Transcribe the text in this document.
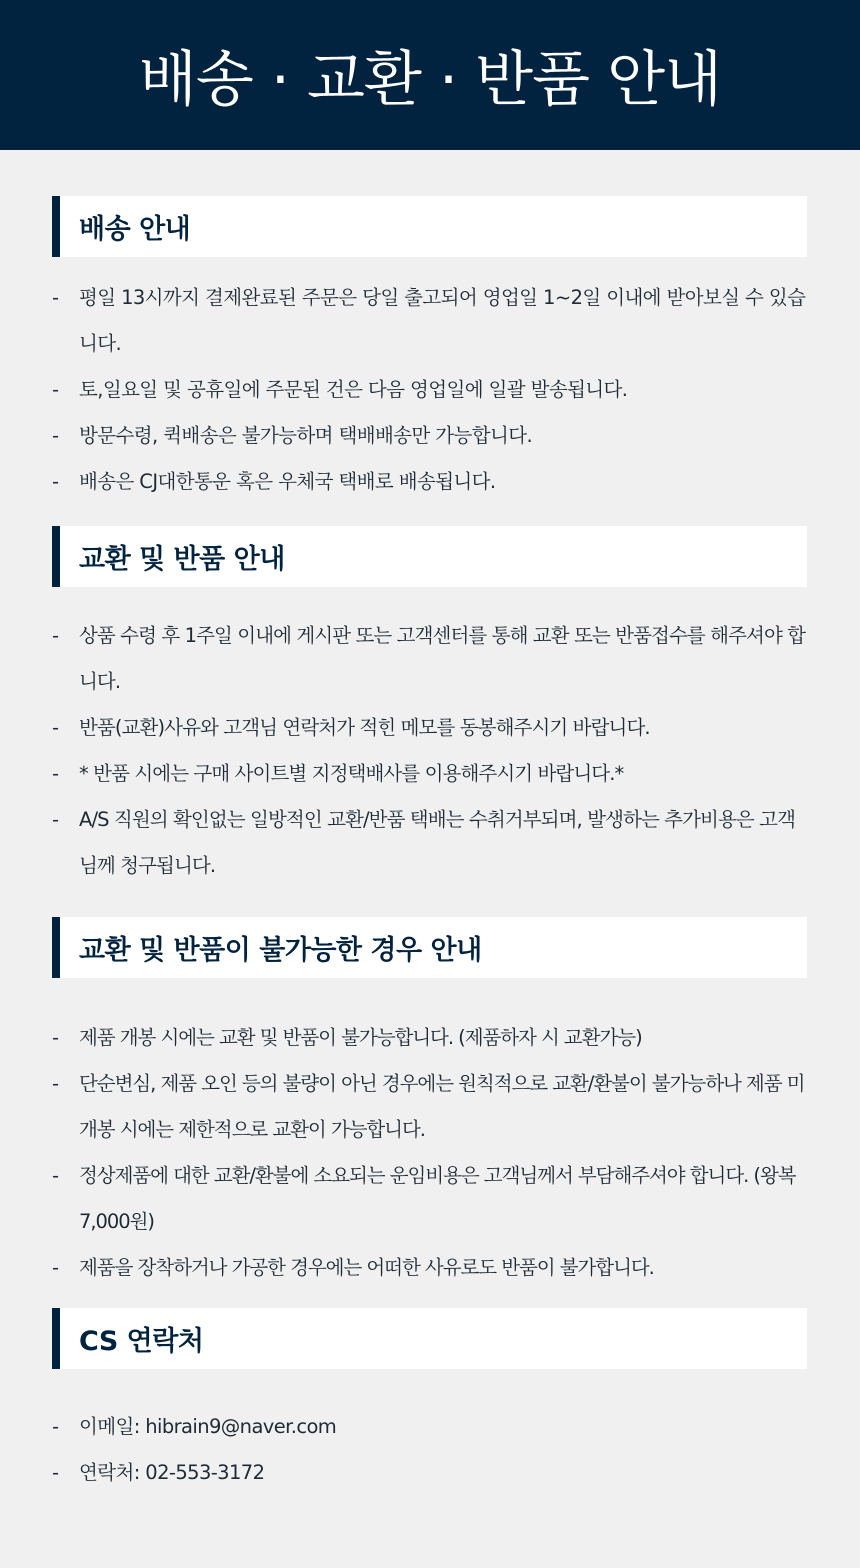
배송 · 교환 · 반품 안내
배송 안내
- 평일 13시까지 결제완료된 주문은 당일 출고되어 영업일 1~2일 이내에 받아보실 수 있습니다.
- 토,일요일 및 공휴일에 주문된 건은 다음 영업일에 일괄 발송됩니다.
- 방문수령, 퀵배송은 불가능하며 택배배송만 가능합니다.
- 배송은 CJ대한통운 혹은 우체국 택배로 배송됩니다.
교환 및 반품 안내
-	상품 수령 후 1주일 이내에 게시판 또는 고객센터를 통해 교환 또는 반품접수를 해주셔야 합니다.
-	반품(교환)사유와 고객님 연락처가 적힌 메모를 동봉해주시기 바랍니다.
-	* 반품 시에는 구매 사이트별 지정택배사를 이용해주시기 바랍니다.*
-	A/S 직원의 확인없는 일방적인 교환/반품 택배는 수취거부되며, 발생하는 추가비용은 고객님께 청구됩니다.
교환 및 반품이 불가능한 경우 안내
-	제품 개봉 시에는 교환 및 반품이 불가능합니다. (제품하자 시 교환가능)
-	단순변심, 제품 오인 등의 불량이 아닌 경우에는 원칙적으로 교환/환불이 불가능하나 제품 미개봉 시에는 제한적으로 교환이 가능합니다.
-	정상제품에 대한 교환/환불에 소요되는 운임비용은 고객님께서 부담해주셔야 합니다. (왕복 7,000원)
-	제품을 장착하거나 가공한 경우에는 어떠한 사유로도 반품이 불가합니다.
CS 연락처
- 이메일: hibrain9@naver.com
- 연락처: 02-553-3172
